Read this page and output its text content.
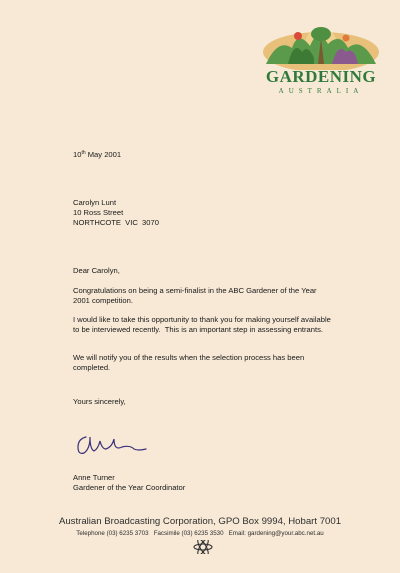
GARDENING
AUSTRALIA
10th May 2001
Carolyn Lunt
10 Ross Street
NORTHCOTE  VIC  3070
Dear Carolyn,
Congratulations on being a semi-finalist in the ABC Gardener of the Year 2001 competition.
I would like to take this opportunity to thank you for making yourself available to be interviewed recently.  This is an important step in assessing entrants.
We will notify you of the results when the selection process has been completed.
Yours sincerely,
Anne Turner
Gardener of the Year Coordinator
Australian Broadcasting Corporation, GPO Box 9994, Hobart 7001
Telephone (03) 6235 3703   Facsimile (03) 6235 3530   Email: gardening@your.abc.net.au
